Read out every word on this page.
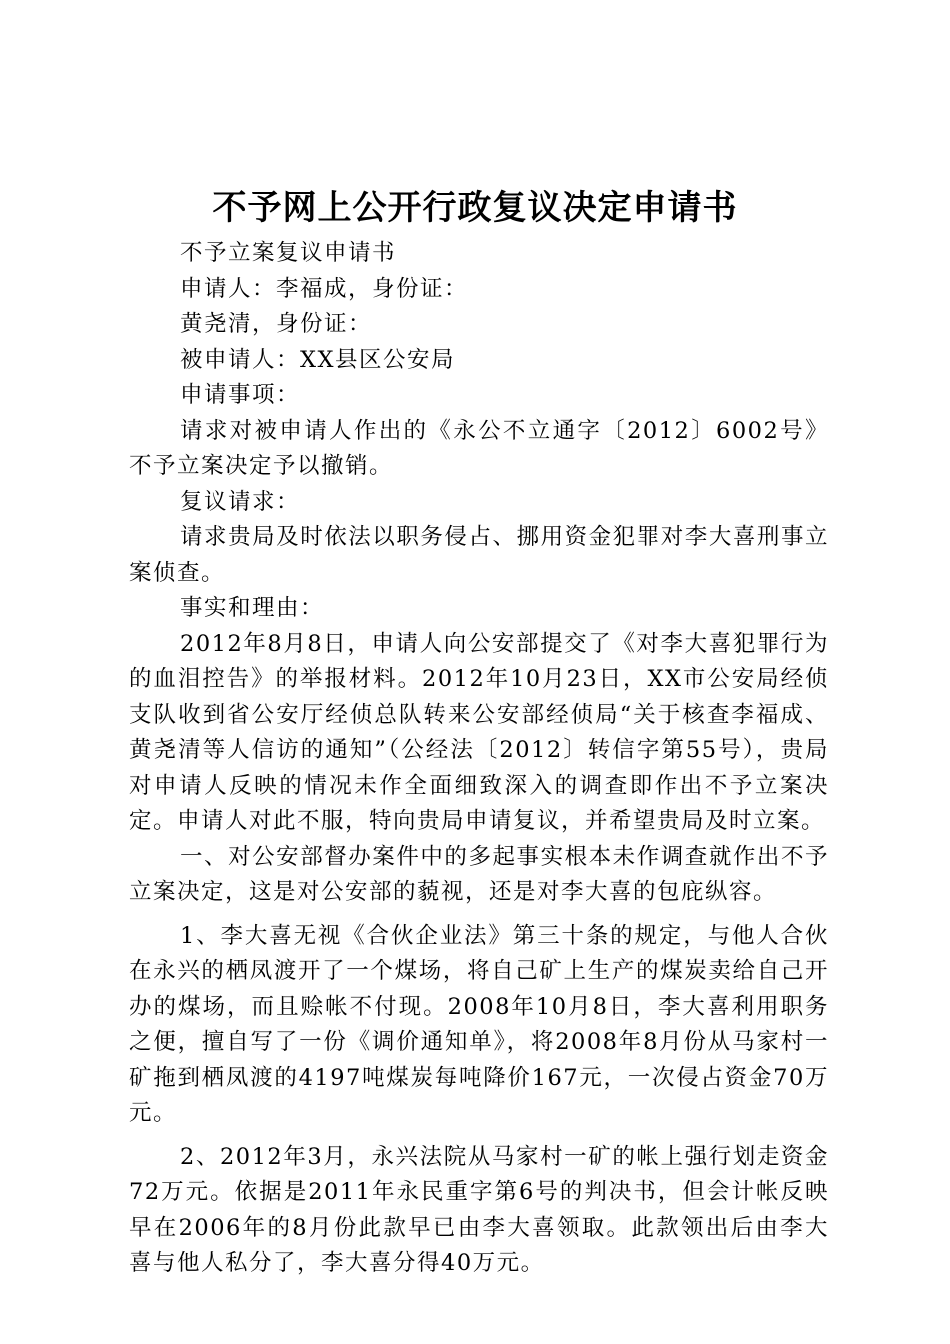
不予网上公开行政复议决定申请书

不予立案复议申请书

申请人：李福成，身份证：

黄尧清，身份证：

被申请人：XX县区公安局

申请事项：

请求对被申请人作出的《永公不立通字〔2012〕6002号》不予立案决定予以撤销。

复议请求：

请求贵局及时依法以职务侵占、挪用资金犯罪对李大喜刑事立案侦查。

事实和理由：

2012年8月8日，申请人向公安部提交了《对李大喜犯罪行为的血泪控告》的举报材料。2012年10月23日，XX市公安局经侦支队收到省公安厅经侦总队转来公安部经侦局“关于核查李福成、黄尧清等人信访的通知”（公经法〔2012〕转信字第55号），贵局对申请人反映的情况未作全面细致深入的调查即作出不予立案决定。申请人对此不服，特向贵局申请复议，并希望贵局及时立案。

一、对公安部督办案件中的多起事实根本未作调查就作出不予立案决定，这是对公安部的藐视，还是对李大喜的包庇纵容。

1、李大喜无视《合伙企业法》第三十条的规定，与他人合伙在永兴的栖凤渡开了一个煤场，将自己矿上生产的煤炭卖给自己开办的煤场，而且赊帐不付现。2008年10月8日，李大喜利用职务之便，擅自写了一份《调价通知单》，将2008年8月份从马家村一矿拖到栖凤渡的4197吨煤炭每吨降价167元，一次侵占资金70万元。

2、2012年3月，永兴法院从马家村一矿的帐上强行划走资金72万元。依据是2011年永民重字第6号的判决书，但会计帐反映早在2006年的8月份此款早已由李大喜领取。此款领出后由李大喜与他人私分了，李大喜分得40万元。
